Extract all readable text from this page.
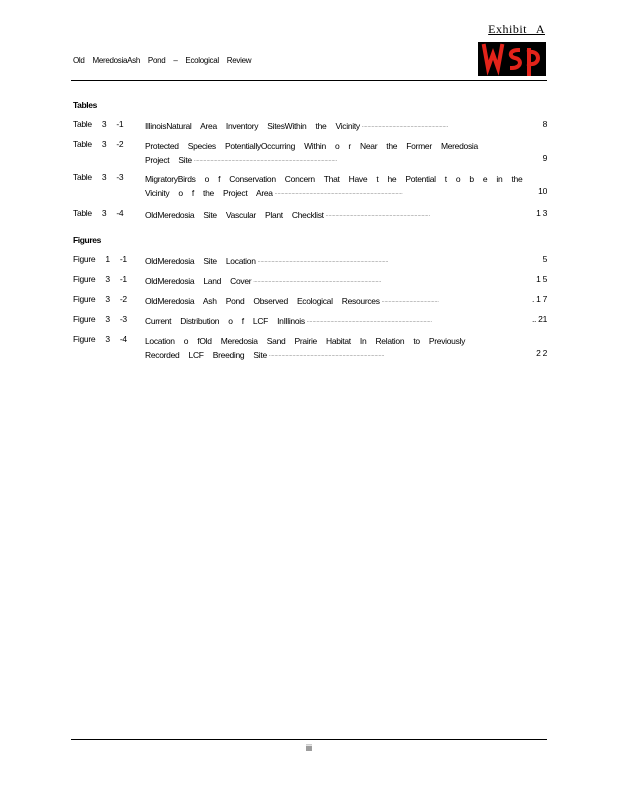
Exhibit A
Old MeredosiaAsh Pond – Ecological Review
Tables
Table 3 -1	IllinoisNatural Area Inventory SitesWithin the Vicinity ..............................................................	8
Table 3 -2	Protected Species PotentiallyOccurring Within o r Near the Former Meredosia
Project Site .......................................................................................................	9
Table 3 -3	MigratoryBirds o f Conservation Concern That Have t he Potential t o b e in the
Vicinity o f the Project Area ............................................................................................	10
Table 3 -4	OldMeredosia Site Vascular Plant Checklist ...........................................................................	1 3
Figures
Figure 1 -1 OldMeredosia Site Location ..............................................................................................	5
Figure 3 -1 OldMeredosia Land Cover ............................................................................................	1 5
Figure 3 -2 OldMeredosia Ash Pond Observed Ecological Resources .........................................	. 1 7
Figure 3 -3 Current Distribution o f LCF InIllinois ..........................................................................................	.. 21
Figure 3 -4 Location o fOld Meredosia Sand Prairie Habitat In Relation to Previously
Recorded LCF Breeding Site ...................................................................................	2 2
iii
